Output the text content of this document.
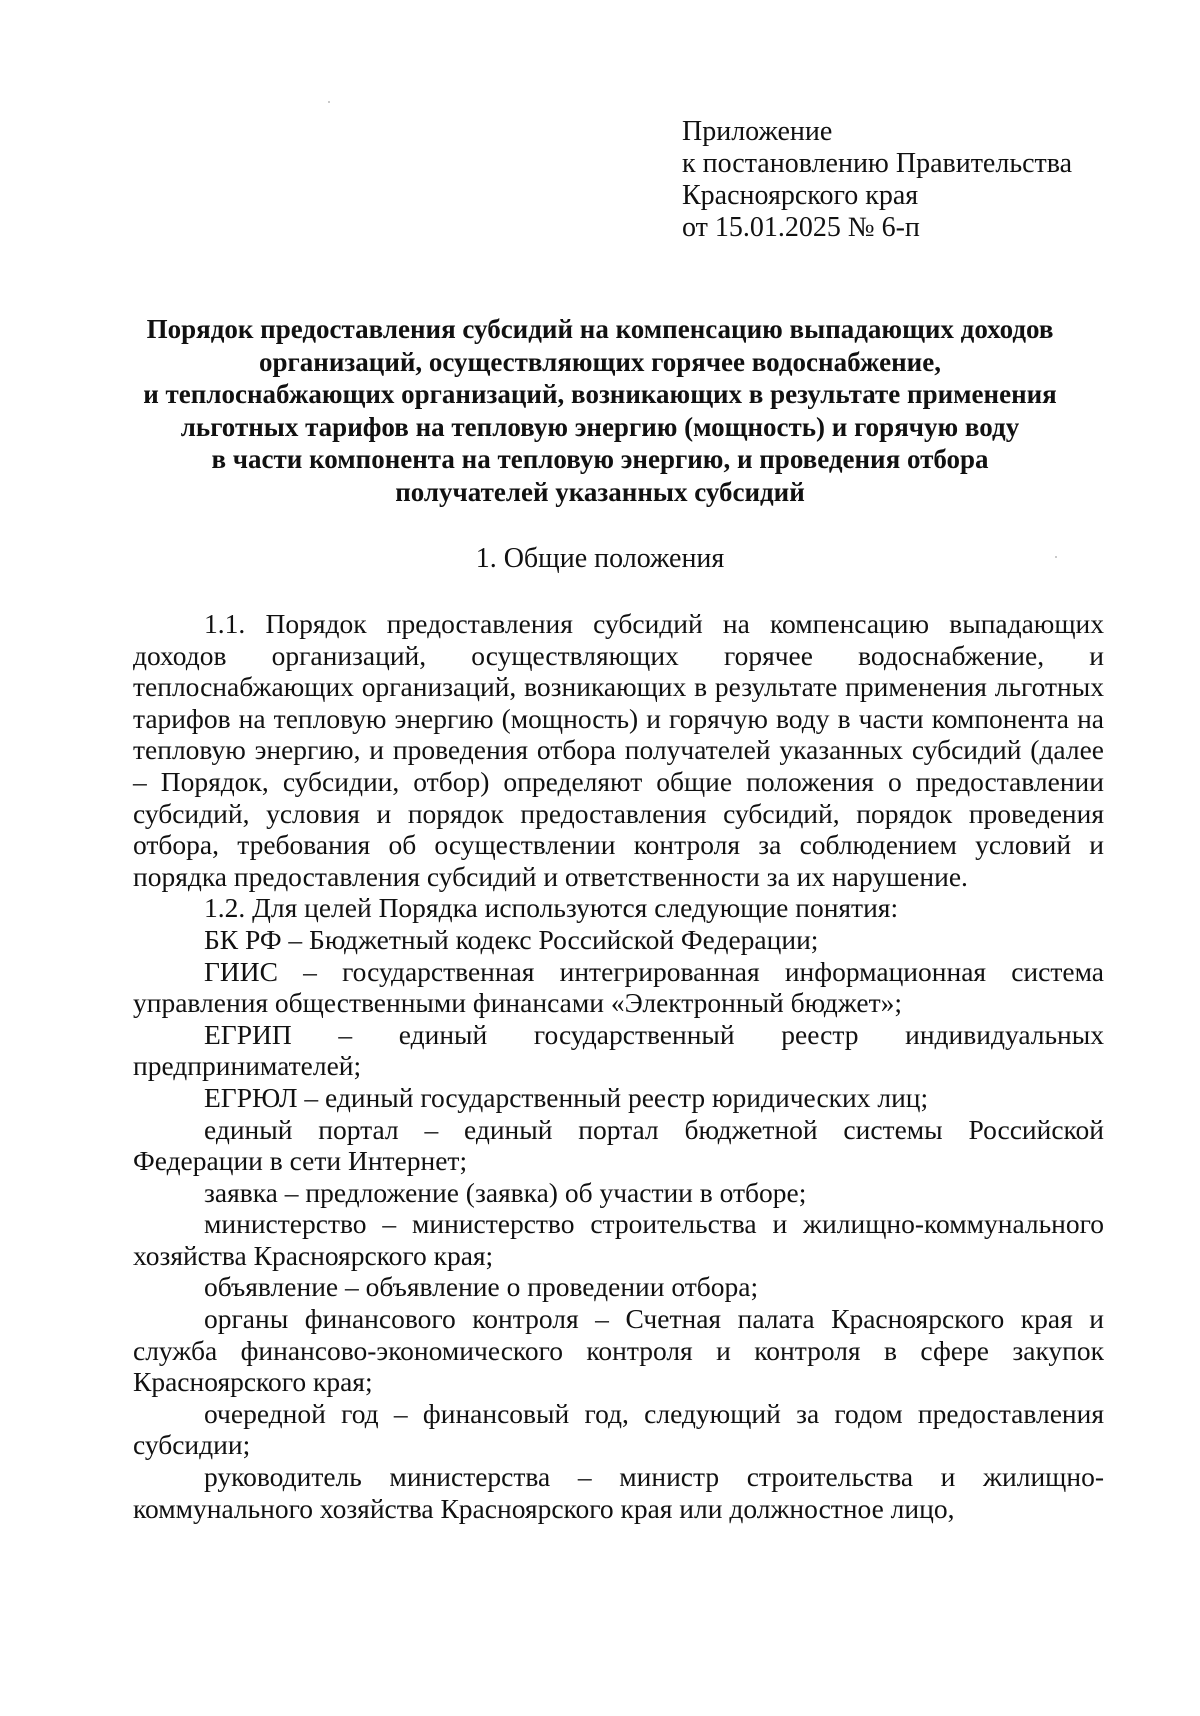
Приложение
к постановлению Правительства
Красноярского края
от 15.01.2025 № 6-п
Порядок предоставления субсидий на компенсацию выпадающих доходов
организаций, осуществляющих горячее водоснабжение,
и теплоснабжающих организаций, возникающих в результате применения
льготных тарифов на тепловую энергию (мощность) и горячую воду
в части компонента на тепловую энергию, и проведения отбора
получателей указанных субсидий
1. Общие положения

1.1. Порядок предоставления субсидий на компенсацию выпадающих доходов организаций, осуществляющих горячее водоснабжение, и теплоснабжающих организаций, возникающих в результате применения льготных тарифов на тепловую энергию (мощность) и горячую воду в части компонента на тепловую энергию, и проведения отбора получателей указанных субсидий (далее – Порядок, субсидии, отбор) определяют общие положения о предоставлении субсидий, условия и порядок предоставления субсидий, порядок проведения отбора, требования об осуществлении контроля за соблюдением условий и порядка предоставления субсидий и ответственности за их нарушение.

1.2. Для целей Порядка используются следующие понятия:

БК РФ – Бюджетный кодекс Российской Федерации;

ГИИС – государственная интегрированная информационная система управления общественными финансами «Электронный бюджет»;

ЕГРИП – единый государственный реестр индивидуальных предпринимателей;

ЕГРЮЛ – единый государственный реестр юридических лиц;

единый портал – единый портал бюджетной системы Российской Федерации в сети Интернет;

заявка – предложение (заявка) об участии в отборе;

министерство – министерство строительства и жилищно-коммунального хозяйства Красноярского края;

объявление – объявление о проведении отбора;

органы финансового контроля – Счетная палата Красноярского края и служба финансово-экономического контроля и контроля в сфере закупок Красноярского края;

очередной год – финансовый год, следующий за годом предоставления субсидии;

руководитель министерства – министр строительства и жилищно-коммунального хозяйства Красноярского края или должностное лицо,
